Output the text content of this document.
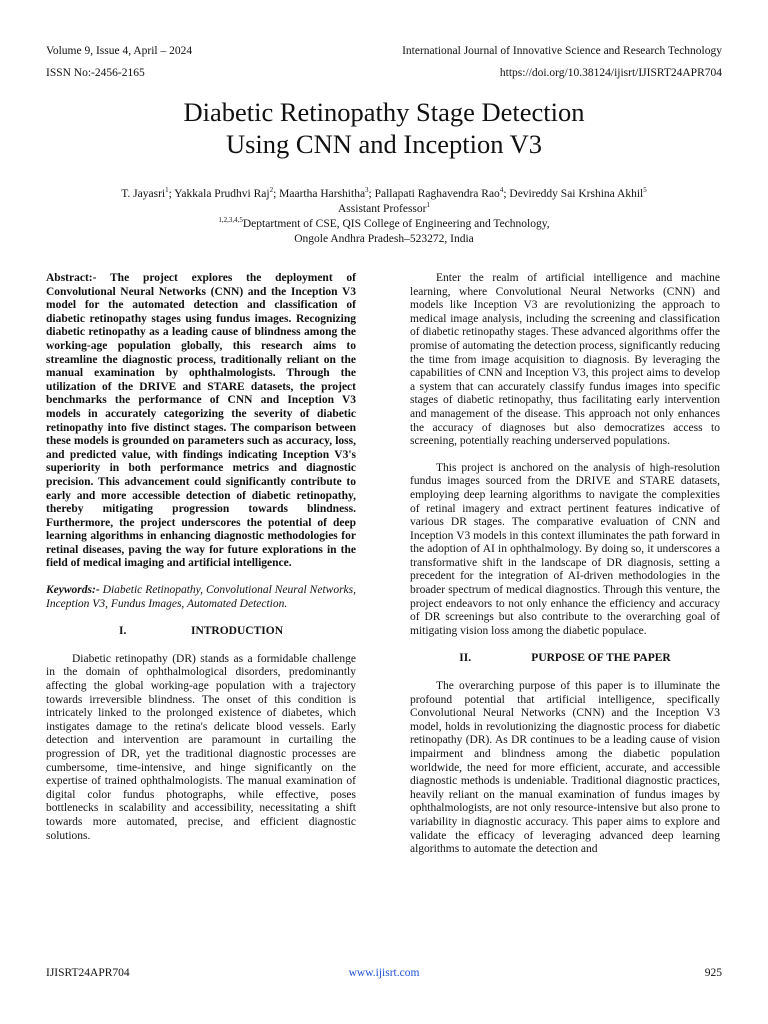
Volume 9, Issue 4, April – 2024	International Journal of Innovative Science and Research Technology
ISSN No:-2456-2165	https://doi.org/10.38124/ijisrt/IJISRT24APR704
Diabetic Retinopathy Stage Detection
Using CNN and Inception V3
T. Jayasri$^1$; Yakkala Prudhvi Raj$^2$; Maartha Harshitha$^3$; Pallapati Raghavendra Rao$^4$; Devireddy Sai Krshina Akhil$^5$
Assistant Professor$^1$
$^{1,2,3,4,5}$Deptartment of CSE, QIS College of Engineering and Technology,
Ongole Andhra Pradesh–523272, India

Abstract:- The project explores the deployment of Convolutional Neural Networks (CNN) and the Inception V3 model for the automated detection and classification of diabetic retinopathy stages using fundus images. Recognizing diabetic retinopathy as a leading cause of blindness among the working-age population globally, this research aims to streamline the diagnostic process, traditionally reliant on the manual examination by ophthalmologists. Through the utilization of the DRIVE and STARE datasets, the project benchmarks the performance of CNN and Inception V3 models in accurately categorizing the severity of diabetic retinopathy into five distinct stages. The comparison between these models is grounded on parameters such as accuracy, loss, and predicted value, with findings indicating Inception V3's superiority in both performance metrics and diagnostic precision. This advancement could significantly contribute to early and more accessible detection of diabetic retinopathy, thereby mitigating progression towards blindness. Furthermore, the project underscores the potential of deep learning algorithms in enhancing diagnostic methodologies for retinal diseases, paving the way for future explorations in the field of medical imaging and artificial intelligence.

Keywords:- Diabetic Retinopathy, Convolutional Neural Networks, Inception V3, Fundus Images, Automated Detection.

I.	INTRODUCTION

Diabetic retinopathy (DR) stands as a formidable challenge in the domain of ophthalmological disorders, predominantly affecting the global working-age population with a trajectory towards irreversible blindness. The onset of this condition is intricately linked to the prolonged existence of diabetes, which instigates damage to the retina's delicate blood vessels. Early detection and intervention are paramount in curtailing the progression of DR, yet the traditional diagnostic processes are cumbersome, time-intensive, and hinge significantly on the expertise of trained ophthalmologists. The manual examination of digital color fundus photographs, while effective, poses bottlenecks in scalability and accessibility, necessitating a shift towards more automated, precise, and efficient diagnostic solutions.

Enter the realm of artificial intelligence and machine learning, where Convolutional Neural Networks (CNN) and models like Inception V3 are revolutionizing the approach to medical image analysis, including the screening and classification of diabetic retinopathy stages. These advanced algorithms offer the promise of automating the detection process, significantly reducing the time from image acquisition to diagnosis. By leveraging the capabilities of CNN and Inception V3, this project aims to develop a system that can accurately classify fundus images into specific stages of diabetic retinopathy, thus facilitating early intervention and management of the disease. This approach not only enhances the accuracy of diagnoses but also democratizes access to screening, potentially reaching underserved populations.

This project is anchored on the analysis of high-resolution fundus images sourced from the DRIVE and STARE datasets, employing deep learning algorithms to navigate the complexities of retinal imagery and extract pertinent features indicative of various DR stages. The comparative evaluation of CNN and Inception V3 models in this context illuminates the path forward in the adoption of AI in ophthalmology. By doing so, it underscores a transformative shift in the landscape of DR diagnosis, setting a precedent for the integration of AI-driven methodologies in the broader spectrum of medical diagnostics. Through this venture, the project endeavors to not only enhance the efficiency and accuracy of DR screenings but also contribute to the overarching goal of mitigating vision loss among the diabetic populace.

II.	PURPOSE OF THE PAPER

The overarching purpose of this paper is to illuminate the profound potential that artificial intelligence, specifically Convolutional Neural Networks (CNN) and the Inception V3 model, holds in revolutionizing the diagnostic process for diabetic retinopathy (DR). As DR continues to be a leading cause of vision impairment and blindness among the diabetic population worldwide, the need for more efficient, accurate, and accessible diagnostic methods is undeniable. Traditional diagnostic practices, heavily reliant on the manual examination of fundus images by ophthalmologists, are not only resource-intensive but also prone to variability in diagnostic accuracy. This paper aims to explore and validate the efficacy of leveraging advanced deep learning algorithms to automate the detection and

IJISRT24APR704	www.ijisrt.com	925
